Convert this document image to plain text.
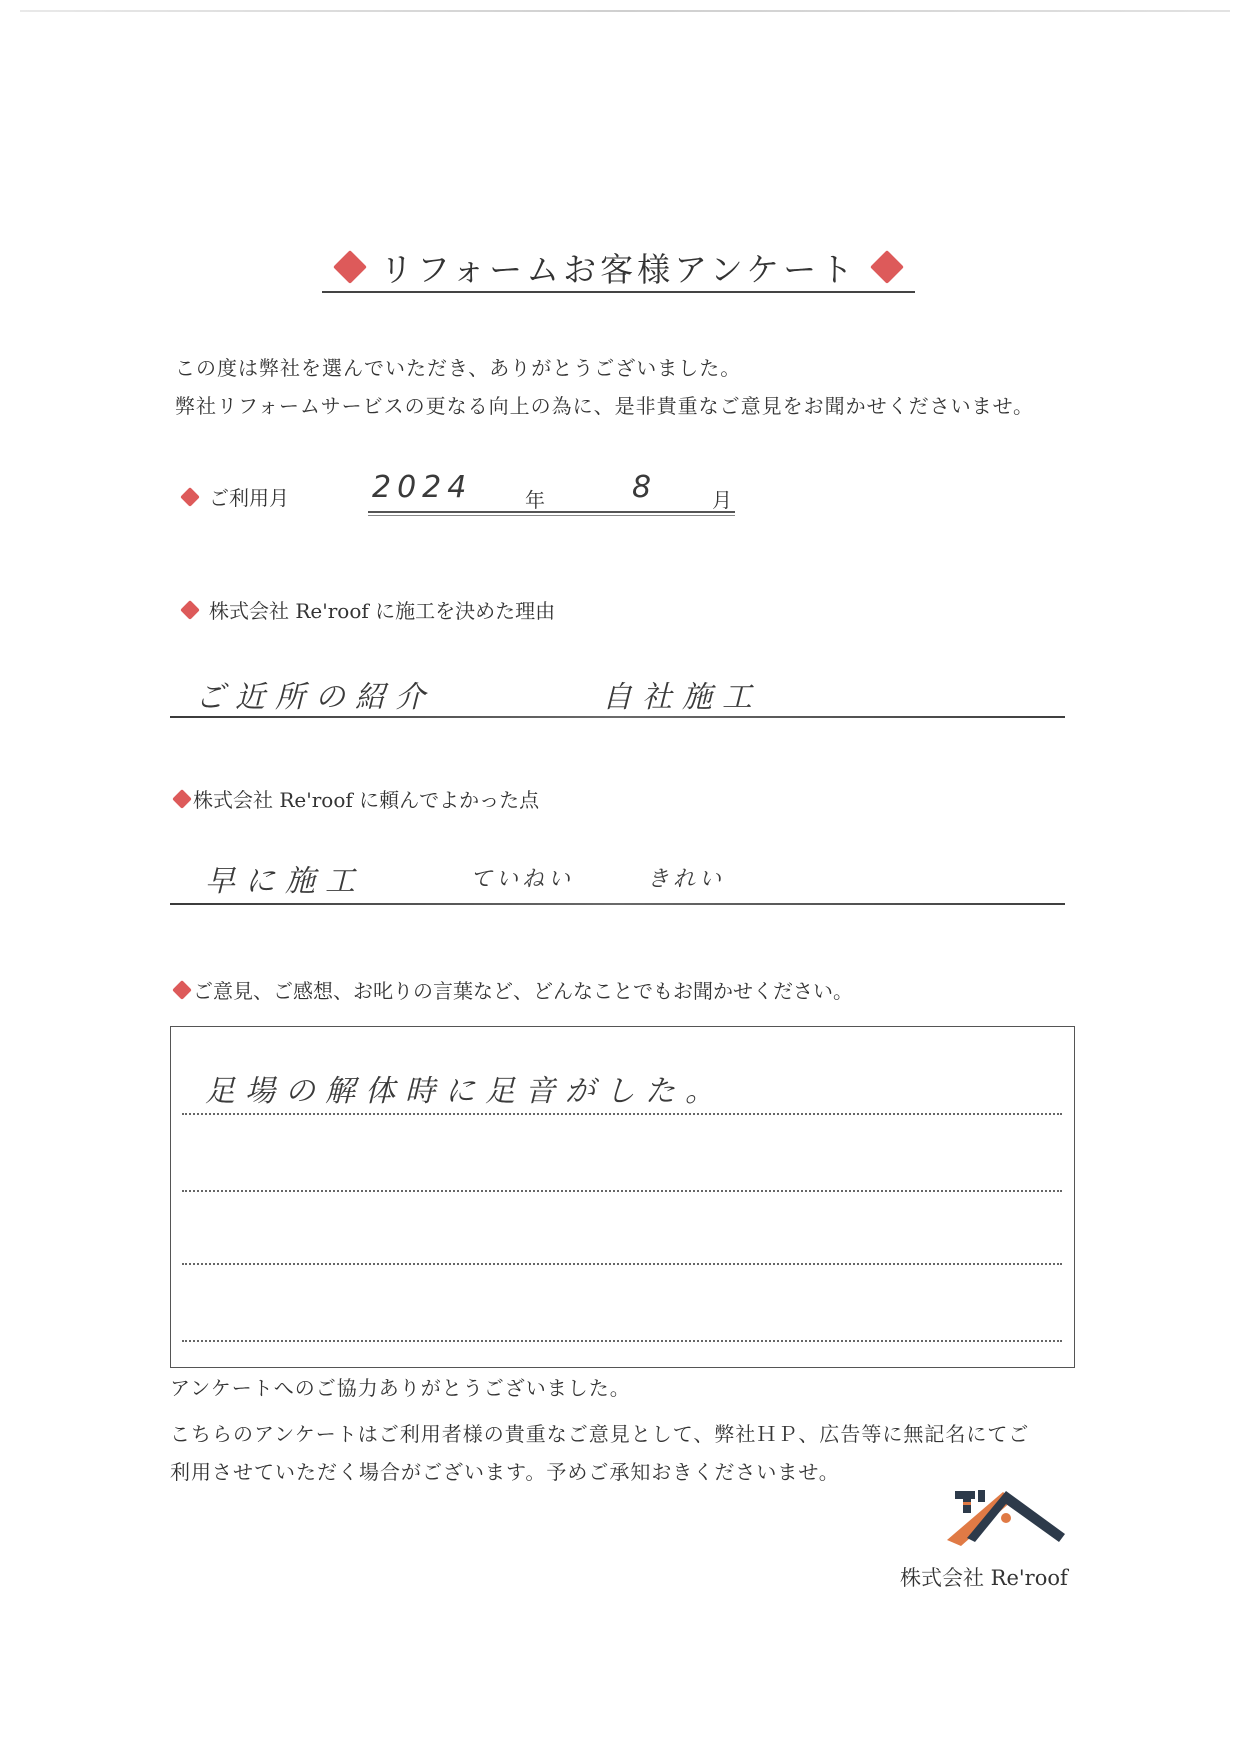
リフォームお客様アンケート
この度は弊社を選んでいただき、ありがとうございました。
弊社リフォームサービスの更なる向上の為に、是非貴重なご意見をお聞かせくださいませ。
ご利用月	2024	年	8	月
株式会社 Re'roof に施工を決めた理由
ご近所の紹介	自社施工
株式会社 Re'roof に頼んでよかった点
早に施工	ていねい	きれい
ご意見、ご感想、お叱りの言葉など、どんなことでもお聞かせください。
足場の解体時に足音がした。
アンケートへのご協力ありがとうございました。
こちらのアンケートはご利用者様の貴重なご意見として、弊社ＨＰ、広告等に無記名にてご
利用させていただく場合がございます。予めご承知おきくださいませ。
株式会社 Re'roof
